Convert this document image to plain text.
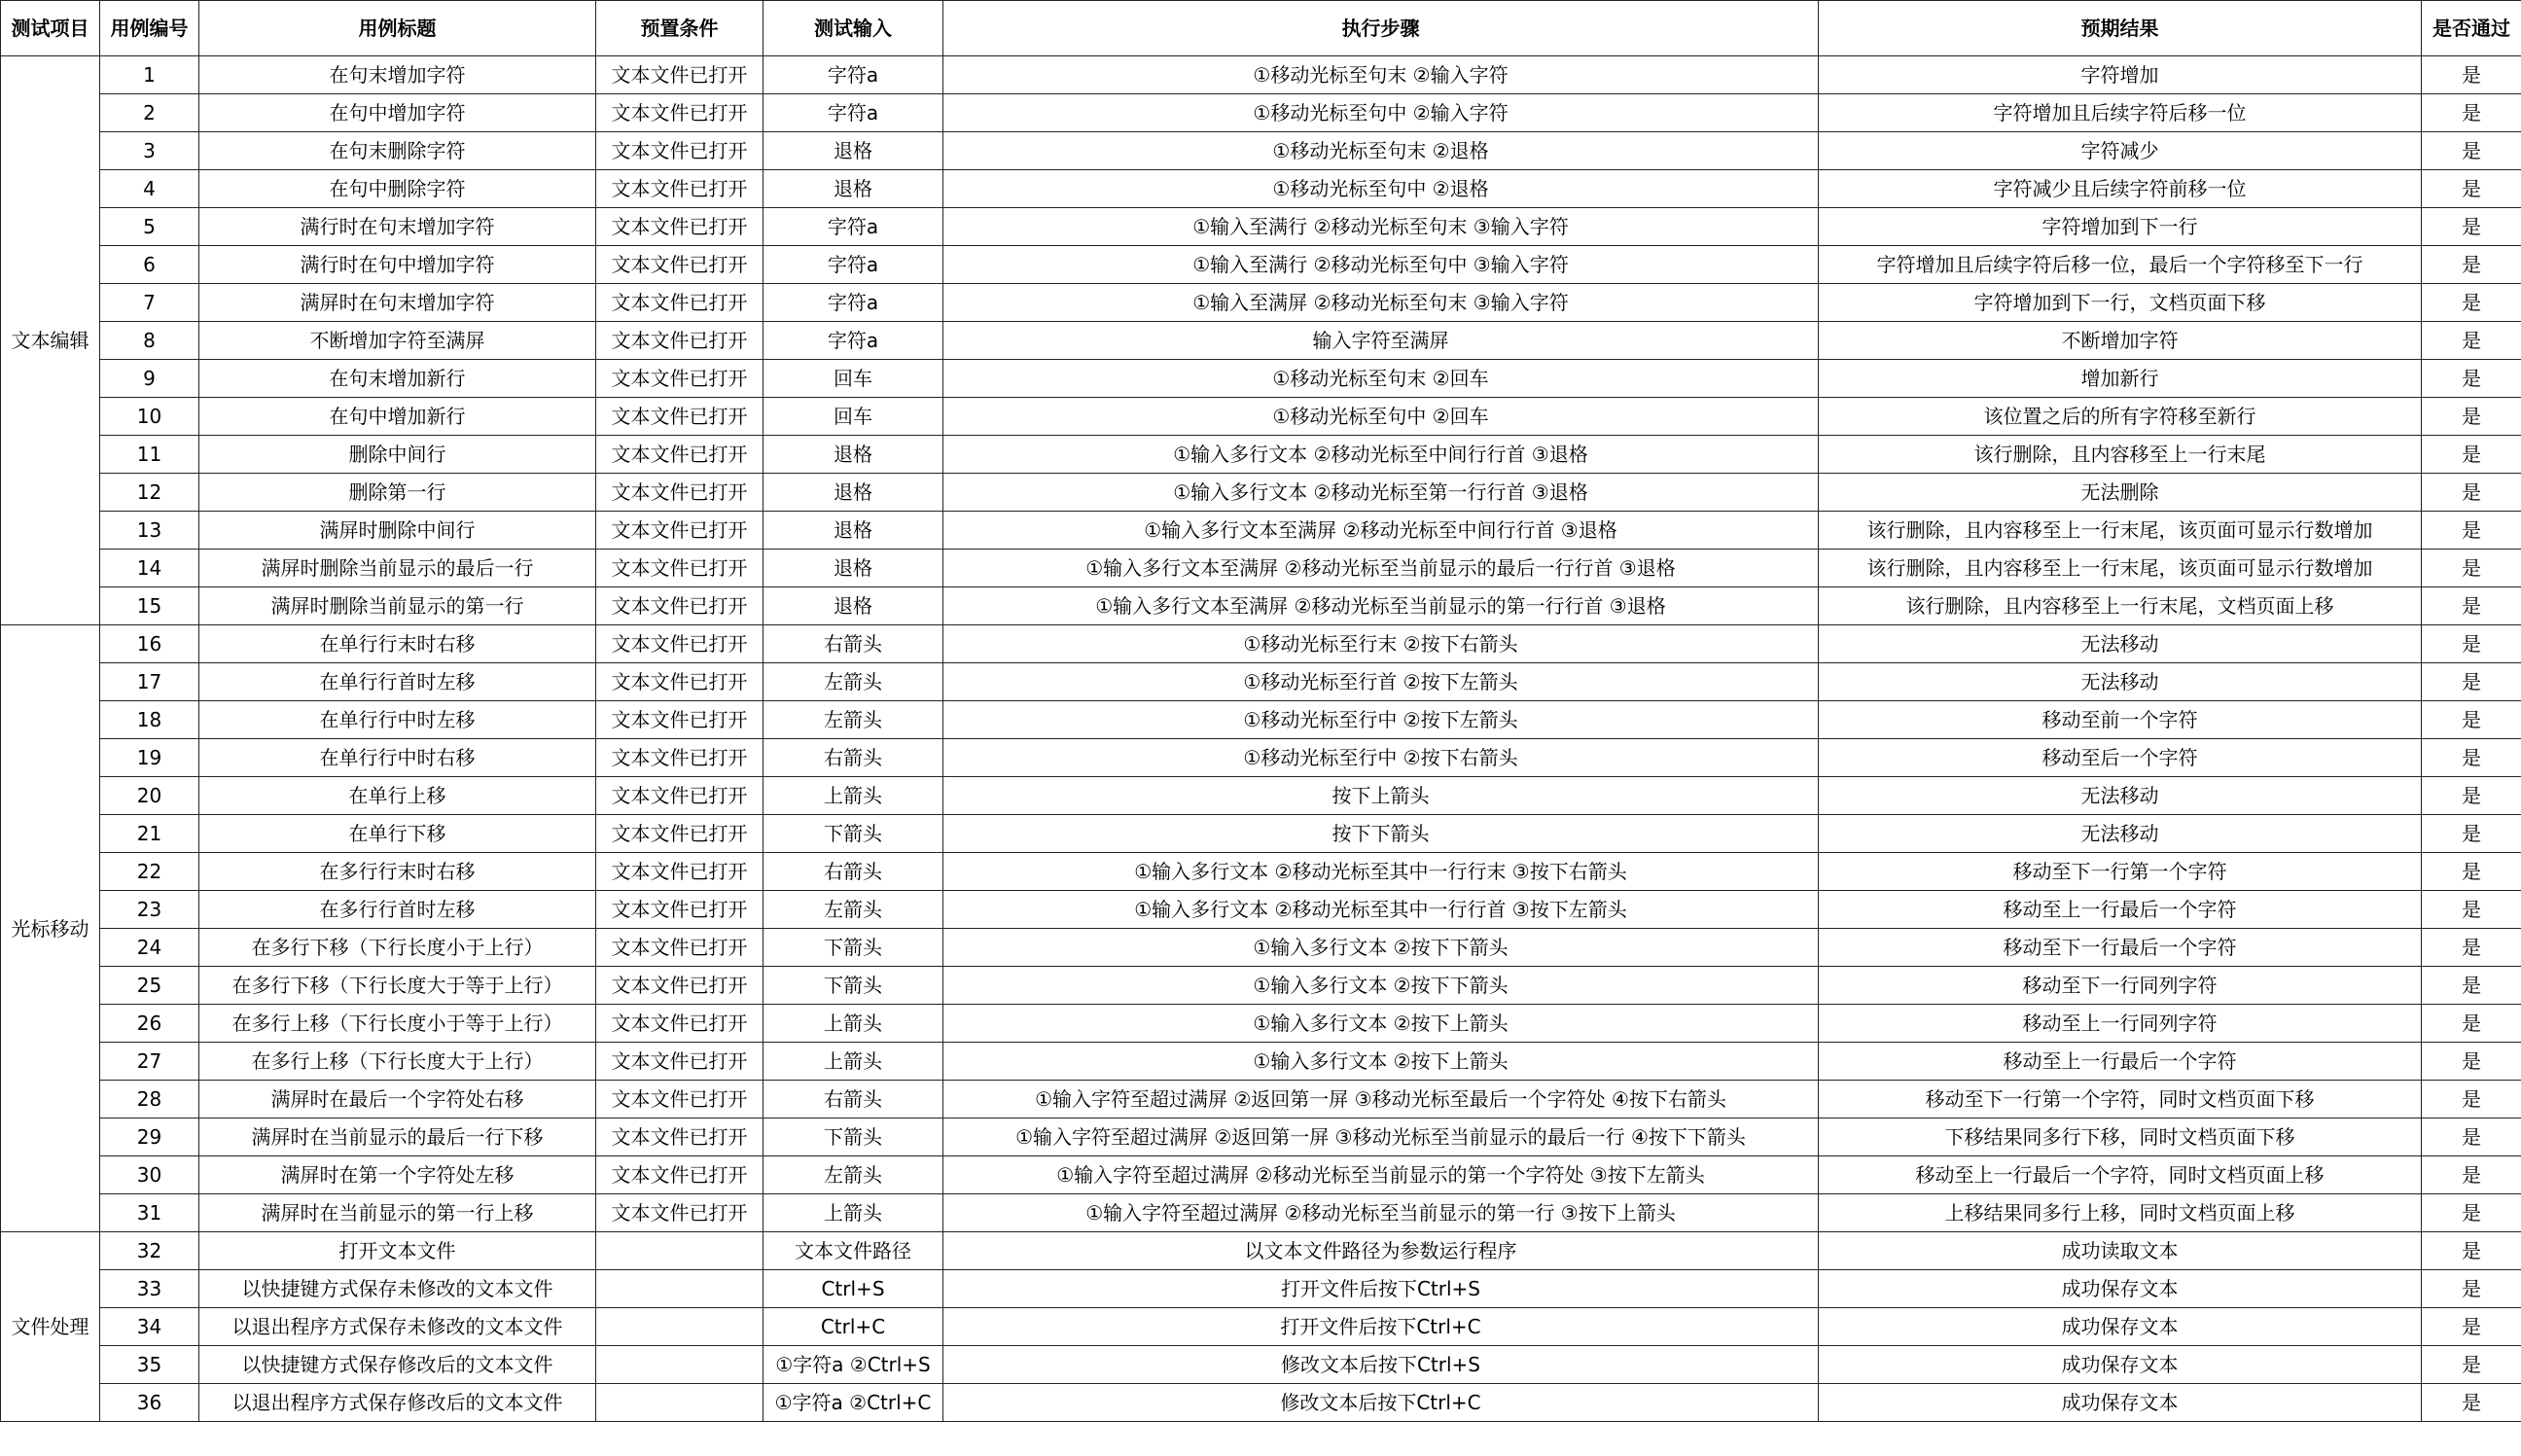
测试项目	用例编号	用例标题	预置条件	测试输入	执行步骤	预期结果	是否通过
文本编辑	1	在句末增加字符	文本文件已打开	字符a	①移动光标至句末 ②输入字符	字符增加	是
	2	在句中增加字符	文本文件已打开	字符a	①移动光标至句中 ②输入字符	字符增加且后续字符后移一位	是
	3	在句末删除字符	文本文件已打开	退格	①移动光标至句末 ②退格	字符减少	是
	4	在句中删除字符	文本文件已打开	退格	①移动光标至句中 ②退格	字符减少且后续字符前移一位	是
	5	满行时在句末增加字符	文本文件已打开	字符a	①输入至满行 ②移动光标至句末 ③输入字符	字符增加到下一行	是
	6	满行时在句中增加字符	文本文件已打开	字符a	①输入至满行 ②移动光标至句中 ③输入字符	字符增加且后续字符后移一位，最后一个字符移至下一行	是
	7	满屏时在句末增加字符	文本文件已打开	字符a	①输入至满屏 ②移动光标至句末 ③输入字符	字符增加到下一行，文档页面下移	是
	8	不断增加字符至满屏	文本文件已打开	字符a	输入字符至满屏	不断增加字符	是
	9	在句末增加新行	文本文件已打开	回车	①移动光标至句末 ②回车	增加新行	是
	10	在句中增加新行	文本文件已打开	回车	①移动光标至句中 ②回车	该位置之后的所有字符移至新行	是
	11	删除中间行	文本文件已打开	退格	①输入多行文本 ②移动光标至中间行行首 ③退格	该行删除，且内容移至上一行末尾	是
	12	删除第一行	文本文件已打开	退格	①输入多行文本 ②移动光标至第一行行首 ③退格	无法删除	是
	13	满屏时删除中间行	文本文件已打开	退格	①输入多行文本至满屏 ②移动光标至中间行行首 ③退格	该行删除，且内容移至上一行末尾，该页面可显示行数增加	是
	14	满屏时删除当前显示的最后一行	文本文件已打开	退格	①输入多行文本至满屏 ②移动光标至当前显示的最后一行行首 ③退格	该行删除，且内容移至上一行末尾，该页面可显示行数增加	是
	15	满屏时删除当前显示的第一行	文本文件已打开	退格	①输入多行文本至满屏 ②移动光标至当前显示的第一行行首 ③退格	该行删除，且内容移至上一行末尾，文档页面上移	是
光标移动	16	在单行行末时右移	文本文件已打开	右箭头	①移动光标至行末 ②按下右箭头	无法移动	是
	17	在单行行首时左移	文本文件已打开	左箭头	①移动光标至行首 ②按下左箭头	无法移动	是
	18	在单行行中时左移	文本文件已打开	左箭头	①移动光标至行中 ②按下左箭头	移动至前一个字符	是
	19	在单行行中时右移	文本文件已打开	右箭头	①移动光标至行中 ②按下右箭头	移动至后一个字符	是
	20	在单行上移	文本文件已打开	上箭头	按下上箭头	无法移动	是
	21	在单行下移	文本文件已打开	下箭头	按下下箭头	无法移动	是
	22	在多行行末时右移	文本文件已打开	右箭头	①输入多行文本 ②移动光标至其中一行行末 ③按下右箭头	移动至下一行第一个字符	是
	23	在多行行首时左移	文本文件已打开	左箭头	①输入多行文本 ②移动光标至其中一行行首 ③按下左箭头	移动至上一行最后一个字符	是
	24	在多行下移（下行长度小于上行）	文本文件已打开	下箭头	①输入多行文本 ②按下下箭头	移动至下一行最后一个字符	是
	25	在多行下移（下行长度大于等于上行）	文本文件已打开	下箭头	①输入多行文本 ②按下下箭头	移动至下一行同列字符	是
	26	在多行上移（下行长度小于等于上行）	文本文件已打开	上箭头	①输入多行文本 ②按下上箭头	移动至上一行同列字符	是
	27	在多行上移（下行长度大于上行）	文本文件已打开	上箭头	①输入多行文本 ②按下上箭头	移动至上一行最后一个字符	是
	28	满屏时在最后一个字符处右移	文本文件已打开	右箭头	①输入字符至超过满屏 ②返回第一屏 ③移动光标至最后一个字符处 ④按下右箭头	移动至下一行第一个字符，同时文档页面下移	是
	29	满屏时在当前显示的最后一行下移	文本文件已打开	下箭头	①输入字符至超过满屏 ②返回第一屏 ③移动光标至当前显示的最后一行 ④按下下箭头	下移结果同多行下移，同时文档页面下移	是
	30	满屏时在第一个字符处左移	文本文件已打开	左箭头	①输入字符至超过满屏 ②移动光标至当前显示的第一个字符处 ③按下左箭头	移动至上一行最后一个字符，同时文档页面上移	是
	31	满屏时在当前显示的第一行上移	文本文件已打开	上箭头	①输入字符至超过满屏 ②移动光标至当前显示的第一行 ③按下上箭头	上移结果同多行上移，同时文档页面上移	是
文件处理	32	打开文本文件		文本文件路径	以文本文件路径为参数运行程序	成功读取文本	是
	33	以快捷键方式保存未修改的文本文件		Ctrl+S	打开文件后按下Ctrl+S	成功保存文本	是
	34	以退出程序方式保存未修改的文本文件		Ctrl+C	打开文件后按下Ctrl+C	成功保存文本	是
	35	以快捷键方式保存修改后的文本文件		①字符a ②Ctrl+S	修改文本后按下Ctrl+S	成功保存文本	是
	36	以退出程序方式保存修改后的文本文件		①字符a ②Ctrl+C	修改文本后按下Ctrl+C	成功保存文本	是
